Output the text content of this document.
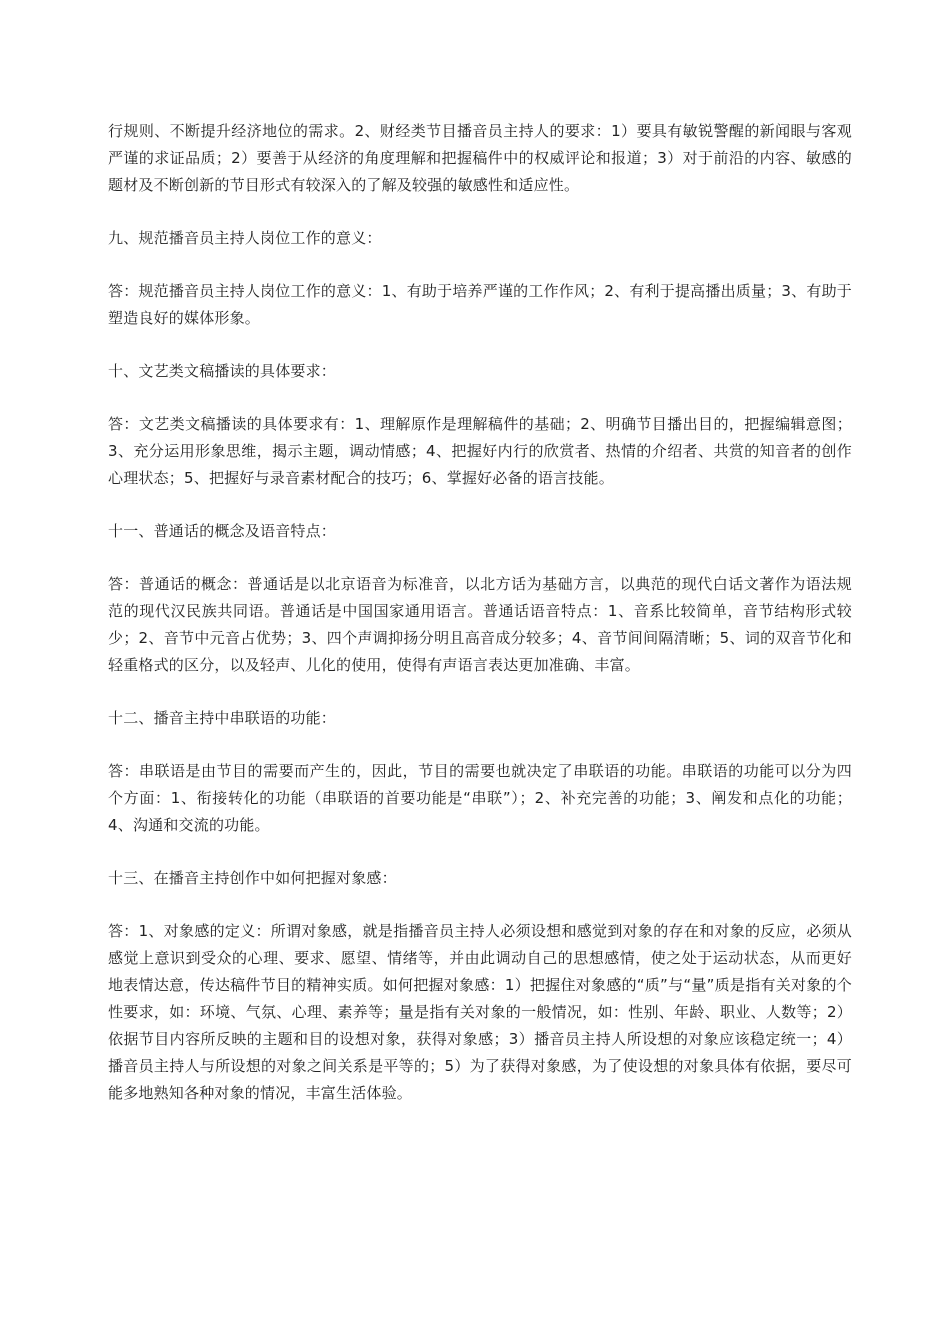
行规则、不断提升经济地位的需求。2、财经类节目播音员主持人的要求：1）要具有敏锐警醒的新闻眼与客观严谨的求证品质；2）要善于从经济的角度理解和把握稿件中的权威评论和报道；3）对于前沿的内容、敏感的题材及不断创新的节目形式有较深入的了解及较强的敏感性和适应性。

九、规范播音员主持人岗位工作的意义：

答：规范播音员主持人岗位工作的意义：1、有助于培养严谨的工作作风；2、有利于提高播出质量；3、有助于塑造良好的媒体形象。

十、文艺类文稿播读的具体要求：

答：文艺类文稿播读的具体要求有：1、理解原作是理解稿件的基础；2、明确节目播出目的，把握编辑意图；3、充分运用形象思维，揭示主题，调动情感；4、把握好内行的欣赏者、热情的介绍者、共赏的知音者的创作心理状态；5、把握好与录音素材配合的技巧；6、掌握好必备的语言技能。

十一、普通话的概念及语音特点：

答：普通话的概念：普通话是以北京语音为标准音，以北方话为基础方言，以典范的现代白话文著作为语法规范的现代汉民族共同语。普通话是中国国家通用语言。普通话语音特点：1、音系比较简单，音节结构形式较少；2、音节中元音占优势；3、四个声调抑扬分明且高音成分较多；4、音节间间隔清晰；5、词的双音节化和轻重格式的区分，以及轻声、儿化的使用，使得有声语言表达更加准确、丰富。

十二、播音主持中串联语的功能：

答：串联语是由节目的需要而产生的，因此，节目的需要也就决定了串联语的功能。串联语的功能可以分为四个方面：1、衔接转化的功能（串联语的首要功能是“串联”）；2、补充完善的功能；3、阐发和点化的功能；4、沟通和交流的功能。

十三、在播音主持创作中如何把握对象感：

答：1、对象感的定义：所谓对象感，就是指播音员主持人必须设想和感觉到对象的存在和对象的反应，必须从感觉上意识到受众的心理、要求、愿望、情绪等，并由此调动自己的思想感情，使之处于运动状态，从而更好地表情达意，传达稿件节目的精神实质。如何把握对象感：1）把握住对象感的“质”与“量”质是指有关对象的个性要求，如：环境、气氛、心理、素养等；量是指有关对象的一般情况，如：性别、年龄、职业、人数等；2）依据节目内容所反映的主题和目的设想对象，获得对象感；3）播音员主持人所设想的对象应该稳定统一；4）播音员主持人与所设想的对象之间关系是平等的；5）为了获得对象感，为了使设想的对象具体有依据，要尽可能多地熟知各种对象的情况，丰富生活体验。
